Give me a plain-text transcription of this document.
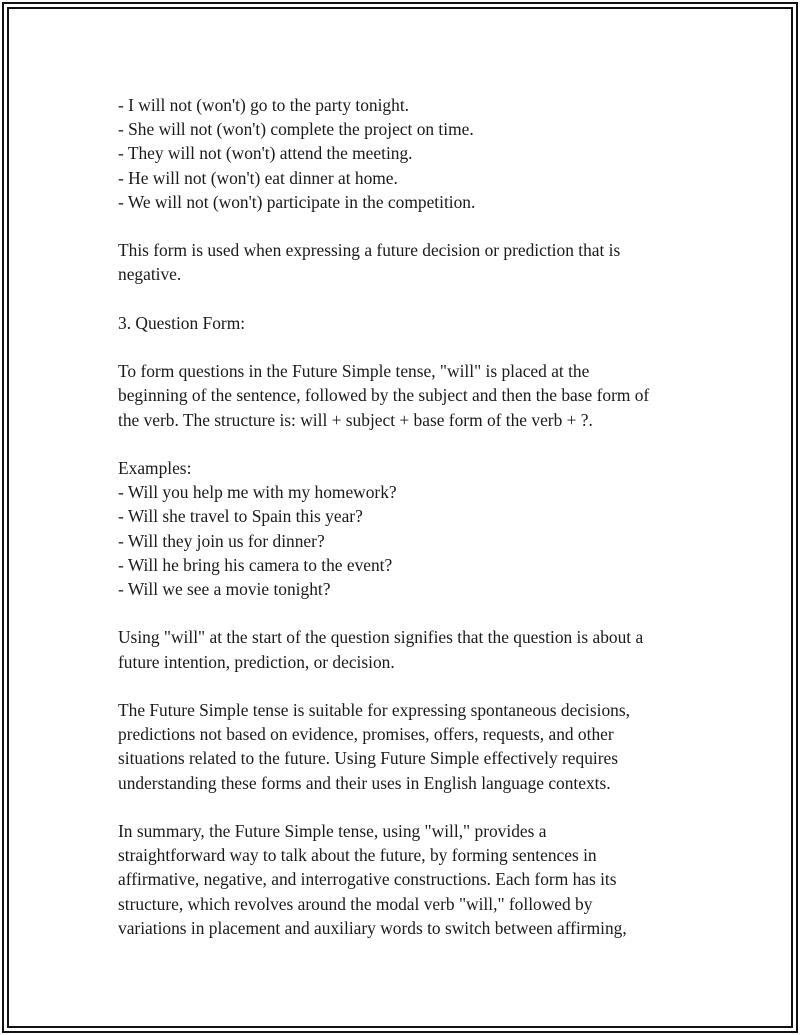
- I will not (won't) go to the party tonight.
- She will not (won't) complete the project on time.
- They will not (won't) attend the meeting.
- He will not (won't) eat dinner at home.
- We will not (won't) participate in the competition.
This form is used when expressing a future decision or prediction that is
negative.
3. Question Form:
To form questions in the Future Simple tense, "will" is placed at the
beginning of the sentence, followed by the subject and then the base form of
the verb. The structure is: will + subject + base form of the verb + ?.
Examples:
- Will you help me with my homework?
- Will she travel to Spain this year?
- Will they join us for dinner?
- Will he bring his camera to the event?
- Will we see a movie tonight?
Using "will" at the start of the question signifies that the question is about a
future intention, prediction, or decision.
The Future Simple tense is suitable for expressing spontaneous decisions,
predictions not based on evidence, promises, offers, requests, and other
situations related to the future. Using Future Simple effectively requires
understanding these forms and their uses in English language contexts.
In summary, the Future Simple tense, using "will," provides a
straightforward way to talk about the future, by forming sentences in
affirmative, negative, and interrogative constructions. Each form has its
structure, which revolves around the modal verb "will," followed by
variations in placement and auxiliary words to switch between affirming,
